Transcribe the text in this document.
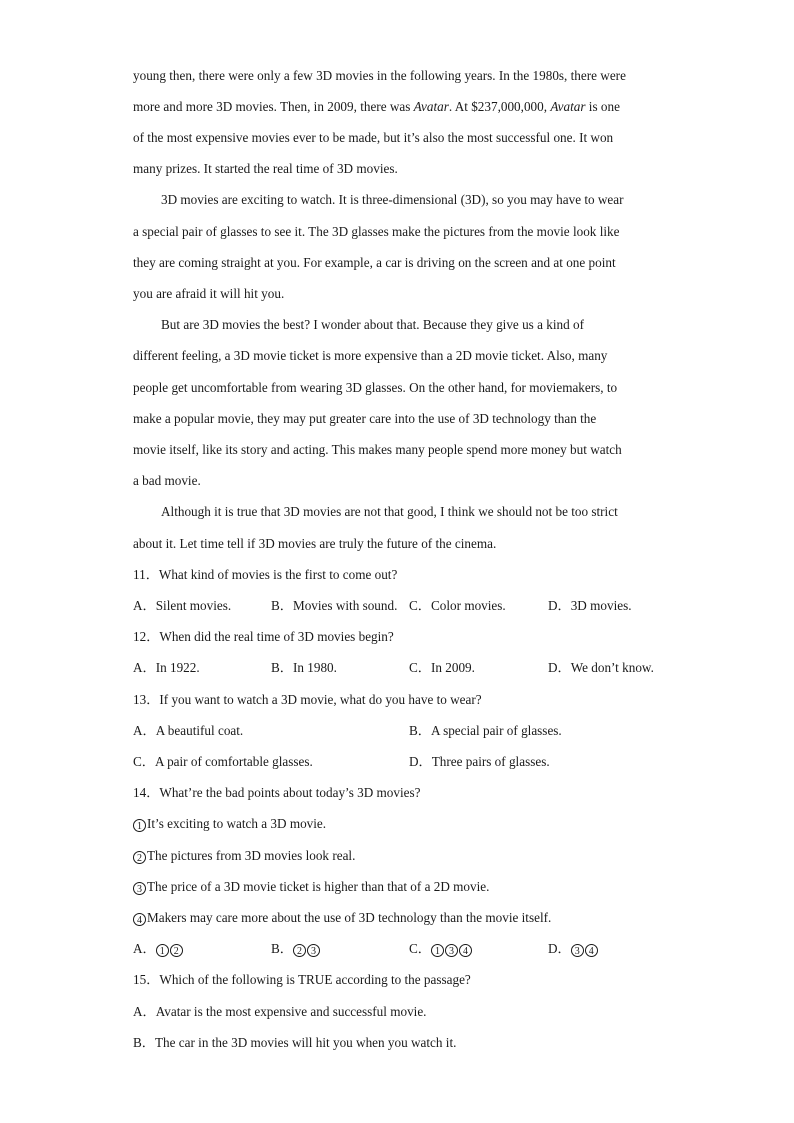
young then, there were only a few 3D movies in the following years. In the 1980s, there were
more and more 3D movies. Then, in 2009, there was Avatar. At $237,000,000, Avatar is one
of the most expensive movies ever to be made, but it’s also the most successful one. It won
many prizes. It started the real time of 3D movies.
3D movies are exciting to watch. It is three-dimensional (3D), so you may have to wear
a special pair of glasses to see it. The 3D glasses make the pictures from the movie look like
they are coming straight at you. For example, a car is driving on the screen and at one point
you are afraid it will hit you.
But are 3D movies the best? I wonder about that. Because they give us a kind of
different feeling, a 3D movie ticket is more expensive than a 2D movie ticket. Also, many
people get uncomfortable from wearing 3D glasses. On the other hand, for moviemakers, to
make a popular movie, they may put greater care into the use of 3D technology than the
movie itself, like its story and acting. This makes many people spend more money but watch
a bad movie.
Although it is true that 3D movies are not that good, I think we should not be too strict
about it. Let time tell if 3D movies are truly the future of the cinema.
11．What kind of movies is the first to come out?
A．Silent movies.	B．Movies with sound. C．Color movies.	D．3D movies.
12．When did the real time of 3D movies begin?
A．In 1922.	B．In 1980.	C．In 2009.	D．We don’t know.
13．If you want to watch a 3D movie, what do you have to wear?
A．A beautiful coat.	B．A special pair of glasses.
C．A pair of comfortable glasses.	D．Three pairs of glasses.
14．What’re the bad points about today’s 3D movies?
1 It’s exciting to watch a 3D movie.
2 The pictures from 3D movies look real.
3 The price of a 3D movie ticket is higher than that of a 2D movie.
4 Makers may care more about the use of 3D technology than the movie itself.
A． 1 2	B． 2 3	C． 1 3 4	D． 3 4
15．Which of the following is TRUE according to the passage?
A．Avatar is the most expensive and successful movie.
B．The car in the 3D movies will hit you when you watch it.
